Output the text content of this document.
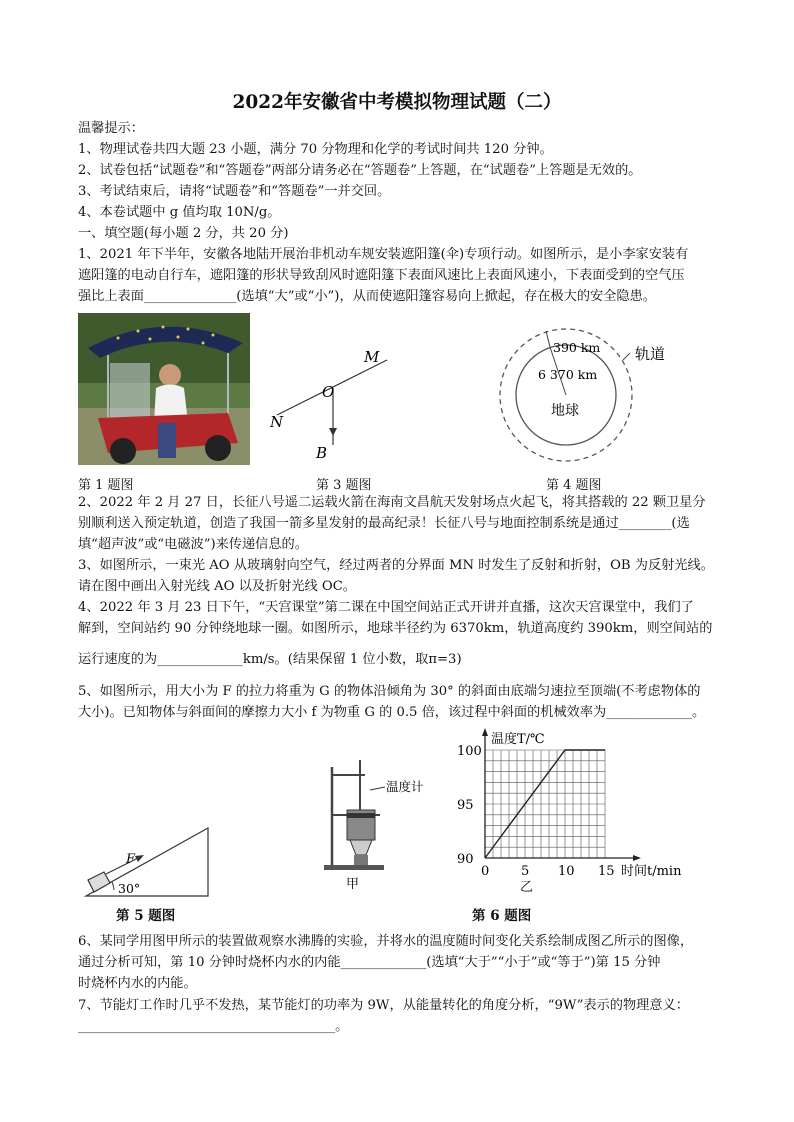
2022年安徽省中考模拟物理试题（二）
温馨提示：
1、物理试卷共四大题 23 小题，满分 70 分物理和化学的考试时间共 120 分钟。
2、试卷包括“试题卷”和“答题卷”两部分请务必在“答题卷”上答题，在“试题卷”上答题是无效的。
3、考试结束后，请将“试题卷”和“答题卷”一并交回。
4、本卷试题中 g 值均取 10N/g。
一、填空题(每小题 2 分，共 20 分)
1、2021 年下半年，安徽各地陆开展治非机动车规安装遮阳篷(伞)专项行动。如图所示，是小李家安装有
遮阳篷的电动自行车，遮阳篷的形状导致刮风时遮阳篷下表面风速比上表面风速小，下表面受到的空气压
强比上表面______________(选填“大”或“小”)，从而使遮阳篷容易向上掀起，存在极大的安全隐患。
第 1 题图
M
O
N
B
第 3 题图
390 km
6 370 km
地球
轨道
第 4 题图
2、2022 年 2 月 27 日，长征八号遥二运载火箭在海南文昌航天发射场点火起飞，将其搭载的 22 颗卫星分
别顺利送入预定轨道，创造了我国一箭多星发射的最高纪录！长征八号与地面控制系统是通过________(选
填“超声波”或“电磁波”)来传递信息的。
3、如图所示，一束光 AO 从玻璃射向空气，经过两者的分界面 MN 时发生了反射和折射，OB 为反射光线。
请在图中画出入射光线 AO 以及折射光线 OC。
4、2022 年 3 月 23 日下午，“天宫课堂”第二课在中国空间站正式开讲并直播，这次天宫课堂中，我们了
解到，空间站约 90 分钟绕地球一圈。如图所示，地球半径约为 6370km，轨道高度约 390km，则空间站的
运行速度的为_____________km/s。(结果保留 1 位小数，取π=3)
5、如图所示，用大小为 F 的拉力将重为 G 的物体沿倾角为 30° 的斜面由底端匀速拉至顶端(不考虑物体的
大小)。已知物体与斜面间的摩擦力大小 f 为物重 G 的 0.5 倍，该过程中斜面的机械效率为_____________。
F
30°
第 5 题图
温度计
甲
温度T/℃
时间t/min
90
95
100
0 5 10 15
乙
第 6 题图
6、某同学用图甲所示的装置做观察水沸腾的实验，并将水的温度随时间变化关系绘制成图乙所示的图像，
通过分析可知，第 10 分钟时烧杯内水的内能_____________(选填“大于”“小于”或“等于”)第 15 分钟
时烧杯内水的内能。
7、节能灯工作时几乎不发热，某节能灯的功率为 9W，从能量转化的角度分析，“9W”表示的物理意义：
_______________________________________。
